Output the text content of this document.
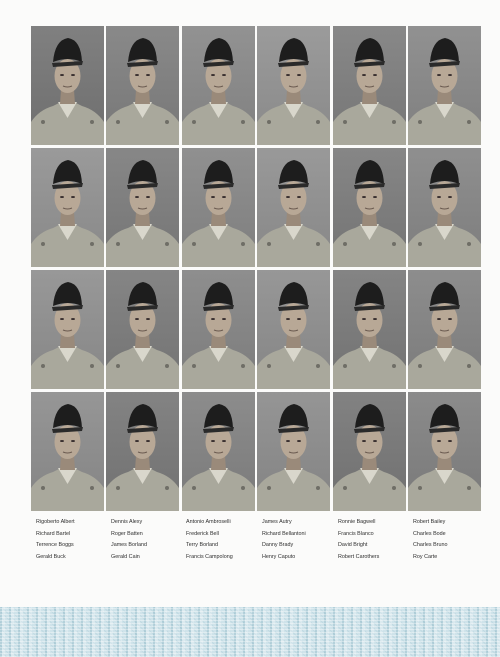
Rigoberto Albert
Richard Bartel
Terrence Boggs
Gerald Buck
Dennis Alexy
Roger Batten
James Borland
Gerald Cain
Antonio Ambroselli
Frederick Bell
Terry Borland
Francis Campolong
James Autry
Richard Bellantoni
Danny Brady
Henry Caputo
Ronnie Bagwell
Francis Blanco
David Bright
Robert Carothers
Robert Bailey
Charles Bode
Charles Bruno
Roy Carte
